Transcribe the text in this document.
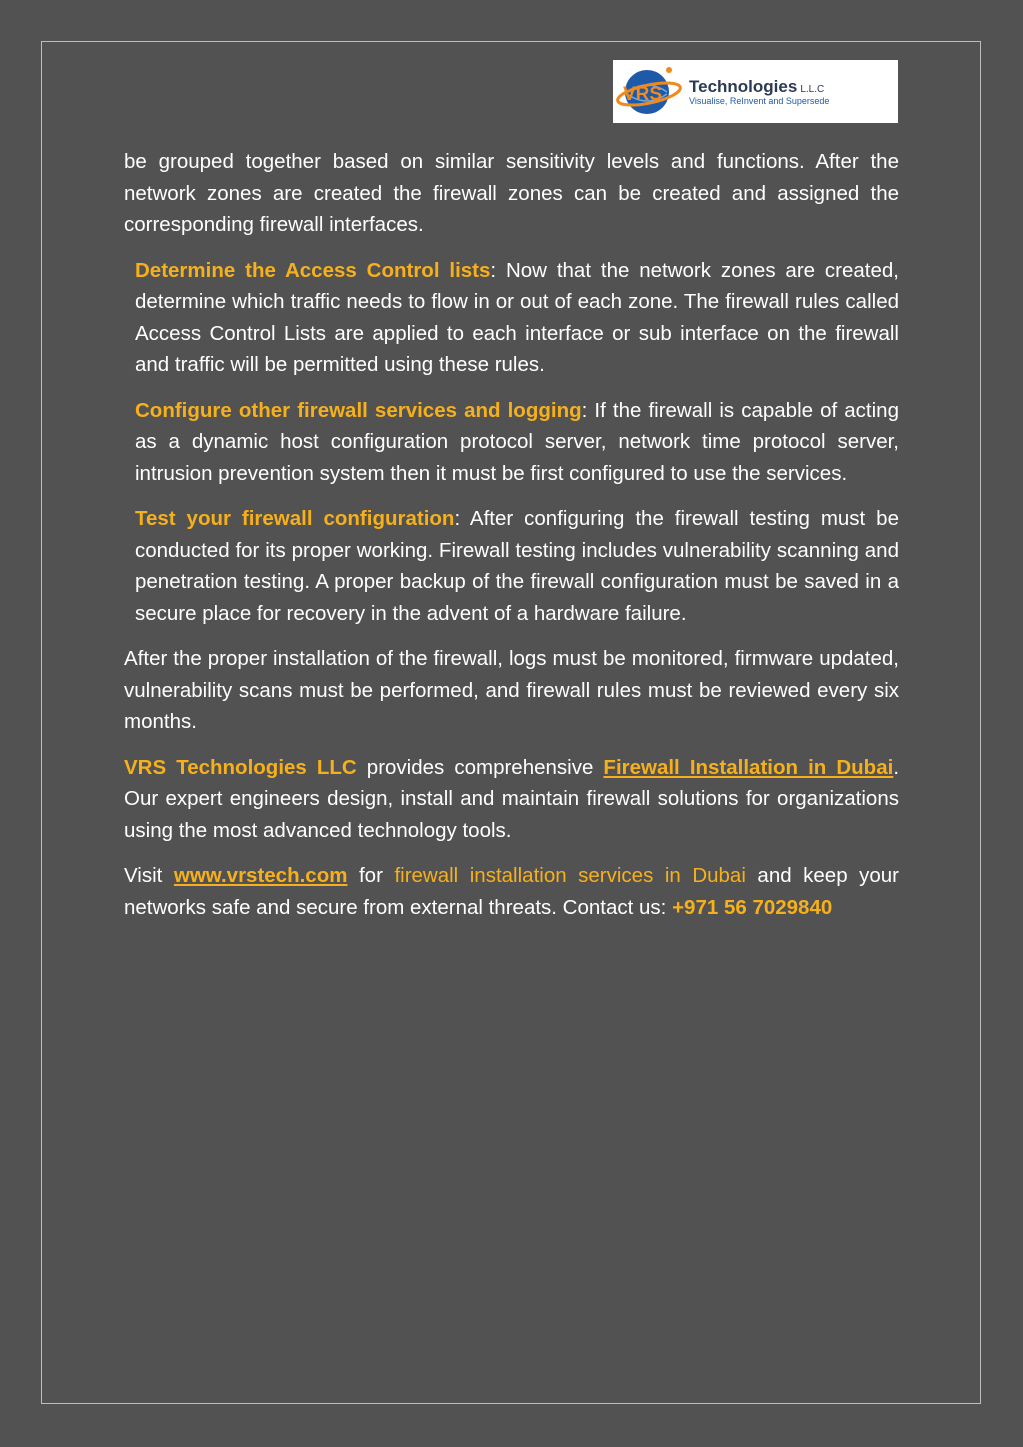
VRS Technologies L.L.C
Visualise, ReInvent and Supersede

be grouped together based on similar sensitivity levels and functions. After the network zones are created the firewall zones can be created and assigned the corresponding firewall interfaces.

Determine the Access Control lists: Now that the network zones are created, determine which traffic needs to flow in or out of each zone. The firewall rules called Access Control Lists are applied to each interface or sub interface on the firewall and traffic will be permitted using these rules.

Configure other firewall services and logging: If the firewall is capable of acting as a dynamic host configuration protocol server, network time protocol server, intrusion prevention system then it must be first configured to use the services.

Test your firewall configuration: After configuring the firewall testing must be conducted for its proper working. Firewall testing includes vulnerability scanning and penetration testing. A proper backup of the firewall configuration must be saved in a secure place for recovery in the advent of a hardware failure.

After the proper installation of the firewall, logs must be monitored, firmware updated, vulnerability scans must be performed, and firewall rules must be reviewed every six months.

VRS Technologies LLC provides comprehensive Firewall Installation in Dubai. Our expert engineers design, install and maintain firewall solutions for organizations using the most advanced technology tools.

Visit www.vrstech.com for firewall installation services in Dubai and keep your networks safe and secure from external threats. Contact us: +971 56 7029840
